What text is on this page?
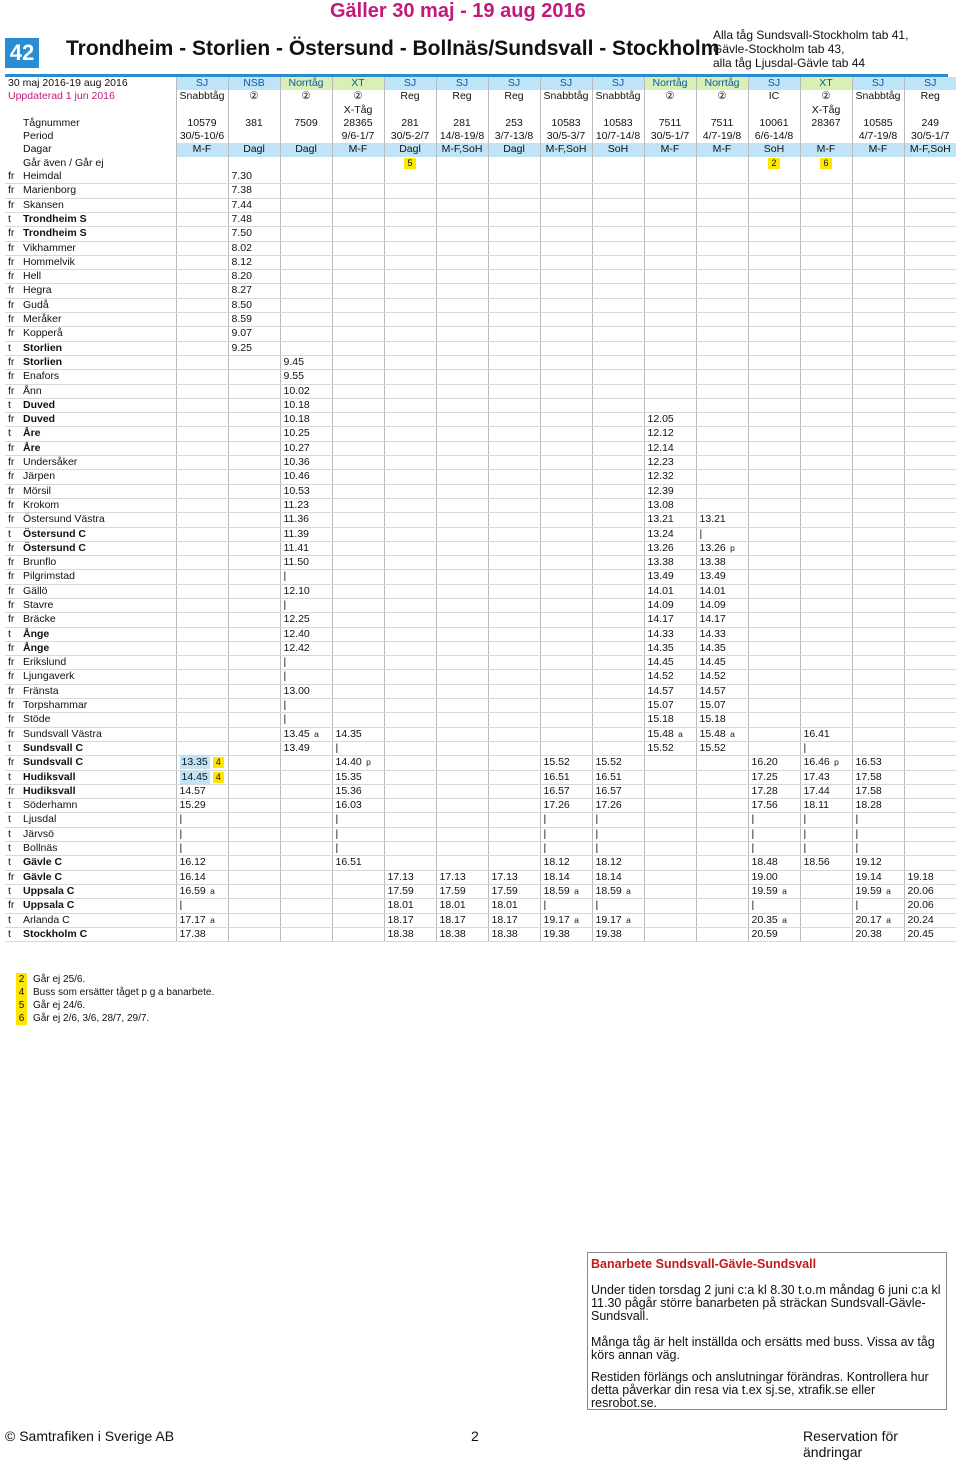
Gäller 30 maj - 19 aug 2016
42 Trondheim - Storlien - Östersund - Bollnäs/Sundsvall - Stockholm
Alla tåg Sundsvall-Stockholm tab 41,
Gävle-Stockholm tab 43,
alla tåg Ljusdal-Gävle tab 44
30 maj 2016-19 aug 2016		SJ	NSB	Norrtåg	XT	SJ	SJ	SJ	SJ	SJ	Norrtåg	Norrtåg	SJ	XT	SJ	SJ
Uppdaterad 1 jun 2016		Snabbtåg	②	②	②	Reg	Reg	Reg	Snabbtåg	Snabbtåg	②	②	IC	②	Snabbtåg	Reg
					X-Tåg									X-Tåg		
Tågnummer		10579	381	7509	28365	281	281	253	10583	10583	7511	7511	10061	28367	10585	249
Period		30/5-10/6			9/6-1/7	30/5-2/7	14/8-19/8	3/7-13/8	30/5-3/7	10/7-14/8	30/5-1/7	4/7-19/8	6/6-14/8		4/7-19/8	30/5-1/7
Dagar		M-F	Dagl	Dagl	M-F	Dagl	M-F,SoH	Dagl	M-F,SoH	SoH	M-F	M-F	SoH	M-F	M-F	M-F,SoH
Går även / Går ej						5							2	6		
fr	Heimdal		7.30													
fr	Marienborg		7.38													
fr	Skansen		7.44													
t	Trondheim S		7.48													
fr	Trondheim S		7.50													
fr	Vikhammer		8.02													
fr	Hommelvik		8.12													
fr	Hell		8.20													
fr	Hegra		8.27													
fr	Gudå		8.50													
fr	Meråker		8.59													
fr	Kopperå		9.07													
t	Storlien		9.25													
fr	Storlien			9.45												
fr	Enafors			9.55												
fr	Ånn			10.02												
t	Duved			10.18												
fr	Duved			10.18							12.05					
t	Åre			10.25							12.12					
fr	Åre			10.27							12.14					
fr	Undersåker			10.36							12.23					
fr	Järpen			10.46							12.32					
fr	Mörsil			10.53							12.39					
fr	Krokom			11.23							13.08					
fr	Östersund Västra			11.36							13.21	13.21				
t	Östersund C			11.39							13.24	|				
fr	Östersund C			11.41							13.26	13.26 $^p$				
fr	Brunflo			11.50							13.38	13.38				
fr	Pilgrimstad			|							13.49	13.49				
fr	Gällö			12.10							14.01	14.01				
fr	Stavre			|							14.09	14.09				
fr	Bräcke			12.25							14.17	14.17				
t	Ånge			12.40							14.33	14.33				
fr	Ånge			12.42							14.35	14.35				
fr	Erikslund			|							14.45	14.45				
fr	Ljungaverk			|							14.52	14.52				
fr	Fränsta			13.00							14.57	14.57				
fr	Torpshammar			|							15.07	15.07				
fr	Stöde			|							15.18	15.18				
fr	Sundsvall Västra			13.45 $^a$	14.35						15.48 $^a$	15.48 $^a$		16.41		
t	Sundsvall C			13.49	|						15.52	15.52		|		
fr	Sundsvall C	13.35 4			14.40 $^p$				15.52	15.52			16.20	16.46 $^p$	16.53	
t	Hudiksvall	14.45 4			15.35				16.51	16.51			17.25	17.43	17.58	
fr	Hudiksvall	14.57			15.36				16.57	16.57			17.28	17.44	17.58	
t	Söderhamn	15.29			16.03				17.26	17.26			17.56	18.11	18.28	
t	Ljusdal	|			|				|	|			|	|	|	
t	Järvsö	|			|				|	|			|	|	|	
t	Bollnäs	|			|				|	|			|	|	|	
t	Gävle C	16.12			16.51				18.12	18.12			18.48	18.56	19.12	
fr	Gävle C	16.14				17.13	17.13	17.13	18.14	18.14			19.00		19.14	19.18
t	Uppsala C	16.59 $^a$				17.59	17.59	17.59	18.59 $^a$	18.59 $^a$			19.59 $^a$		19.59 $^a$	20.06
fr	Uppsala C	|				18.01	18.01	18.01	|	|			|		|	20.06
t	Arlanda C	17.17 $^a$				18.17	18.17	18.17	19.17 $^a$	19.17 $^a$			20.35 $^a$		20.17 $^a$	20.24
t	Stockholm C	17.38				18.38	18.38	18.38	19.38	19.38			20.59		20.38	20.45
2 Går ej 25/6.
4 Buss som ersätter tåget p g a banarbete.
5 Går ej 24/6.
6 Går ej 2/6, 3/6, 28/7, 29/7.
Banarbete Sundsvall-Gävle-Sundsvall
Under tiden torsdag 2 juni c:a kl 8.30 t.o.m måndag 6 juni c:a kl 11.30 pågår större banarbeten på sträckan Sundsvall-Gävle-Sundsvall.
Många tåg är helt inställda och ersätts med buss. Vissa av tåg körs annan väg.
Restiden förlängs och anslutningar förändras. Kontrollera hur detta påverkar din resa via t.ex sj.se, xtrafik.se eller resrobot.se.
© Samtrafiken i Sverige AB	2	Reservation för ändringar
